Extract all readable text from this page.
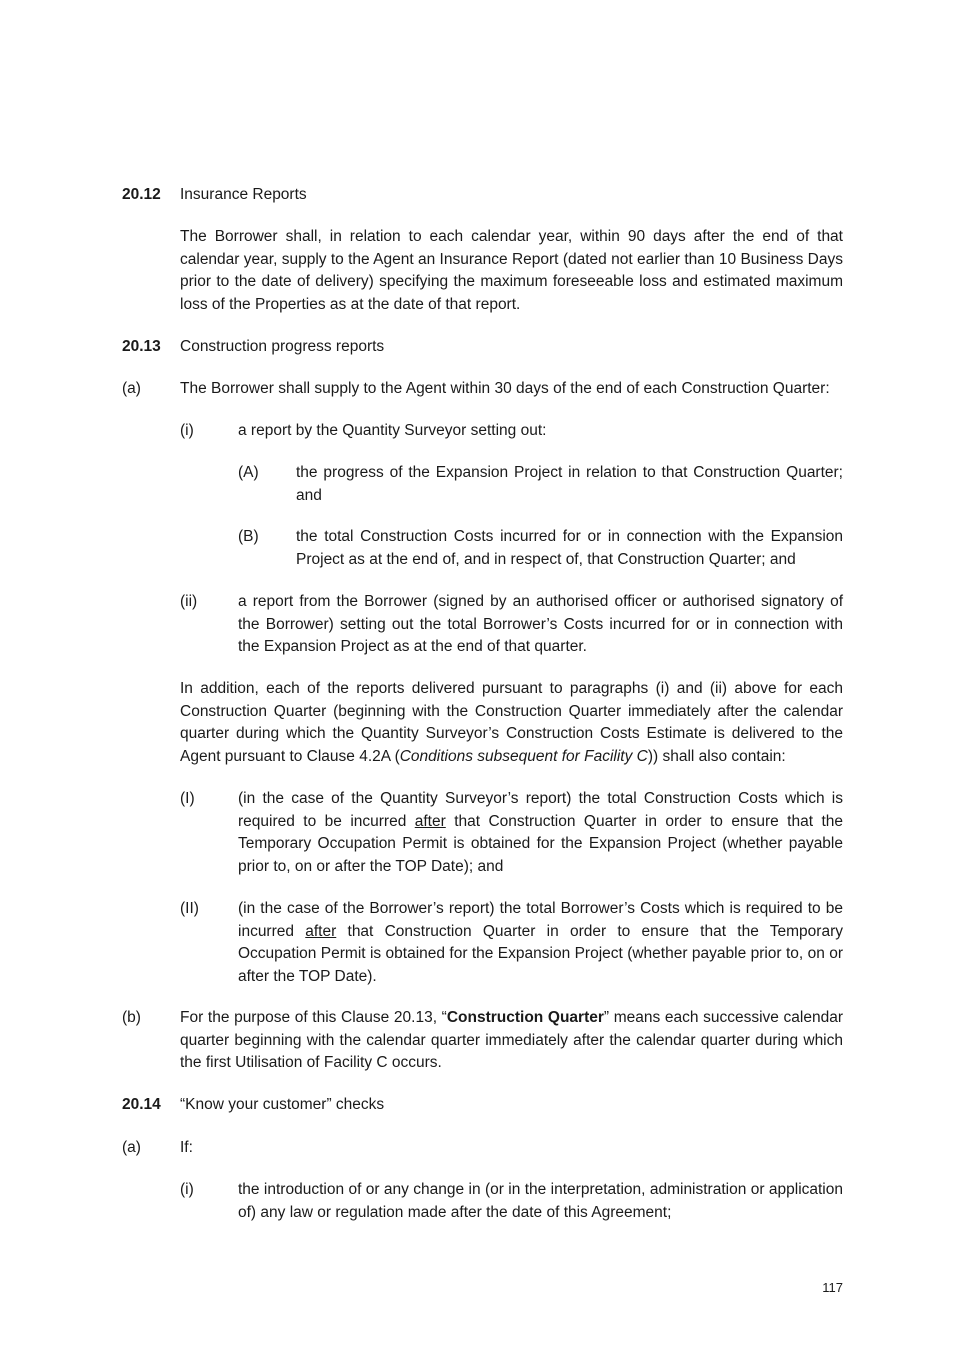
20.12 Insurance Reports

The Borrower shall, in relation to each calendar year, within 90 days after the end of that calendar year, supply to the Agent an Insurance Report (dated not earlier than 10 Business Days prior to the date of delivery) specifying the maximum foreseeable loss and estimated maximum loss of the Properties as at the date of that report.

20.13 Construction progress reports
(a)	The Borrower shall supply to the Agent within 30 days of the end of each Construction Quarter:

(i)	a report by the Quantity Surveyor setting out:

(A) the progress of the Expansion Project in relation to that Construction Quarter; and

(B) the total Construction Costs incurred for or in connection with the Expansion Project as at the end of, and in respect of, that Construction Quarter; and

(ii)	a report from the Borrower (signed by an authorised officer or authorised signatory of the Borrower) setting out the total Borrower’s Costs incurred for or in connection with the Expansion Project as at the end of that quarter.

In addition, each of the reports delivered pursuant to paragraphs (i) and (ii) above for each Construction Quarter (beginning with the Construction Quarter immediately after the calendar quarter during which the Quantity Surveyor’s Construction Costs Estimate is delivered to the Agent pursuant to Clause 4.2A (Conditions subsequent for Facility C)) shall also contain:

(I)	(in the case of the Quantity Surveyor’s report) the total Construction Costs which is required to be incurred after that Construction Quarter in order to ensure that the Temporary Occupation Permit is obtained for the Expansion Project (whether payable prior to, on or after the TOP Date); and

(II)	(in the case of the Borrower’s report) the total Borrower’s Costs which is required to be incurred after that Construction Quarter in order to ensure that the Temporary Occupation Permit is obtained for the Expansion Project (whether payable prior to, on or after the TOP Date).

(b)	For the purpose of this Clause 20.13, “Construction Quarter” means each successive calendar quarter beginning with the calendar quarter immediately after the calendar quarter during which the first Utilisation of Facility C occurs.

20.14 “Know your customer” checks
(a)	If:
(i)	the introduction of or any change in (or in the interpretation, administration or application of) any law or regulation made after the date of this Agreement;

117
